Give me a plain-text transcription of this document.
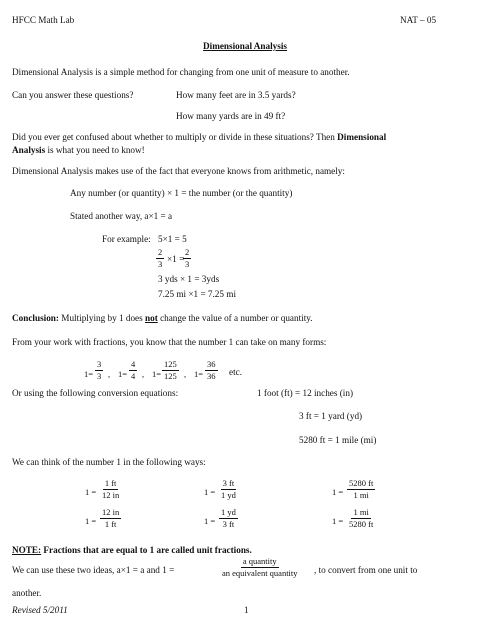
HFCC Math Lab	NAT – 05
Dimensional Analysis
Dimensional Analysis is a simple method for changing from one unit of measure to another.
Can you answer these questions?	How many feet are in 3.5 yards?
How many yards are in 49 ft?
Did you ever get confused about whether to multiply or divide in these situations? Then Dimensional
Analysis is what you need to know!
Dimensional Analysis makes use of the fact that everyone knows from arithmetic, namely:
Any number (or quantity) × 1 = the number (or the quantity)
Stated another way, a×1 = a
For example: 5×1 = 5
$\frac{2}{3} \times 1$ =
$\frac{2}{3}$
3 yds × 1 = 3yds
7.25 mi ×1 = 7.25 mi
Conclusion: Multiplying by 1 does not change the value of a number or quantity.
From your work with fractions, you know that the number 1 can take on many forms:
$1= \frac{3}{3}$ , $1= \frac{4}{4}$ , $1= \frac{125}{125}$ , $1= \frac{36}{36}$ etc.
Or using the following conversion equations:	1 foot (ft) = 12 inches (in)
3 ft = 1 yard (yd)
5280 ft = 1 mile (mi)
We can think of the number 1 in the following ways:
$1 = \frac{1 ft}{12 in}$	$1 = \frac{3 ft}{1 yd}$	$1 = \frac{5280 ft}{1 mi}$
$1 = \frac{12 in}{1 ft}$	$1 = \frac{1 yd}{3 ft}$	$1 = \frac{1 mi}{5280 ft}$
NOTE: Fractions that are equal to 1 are called unit fractions.
We can use these two ideas, a×1 = a and 1 =
a quantity
an equivalent quantity , to convert from one unit to
another.
Revised 5/2011	1
